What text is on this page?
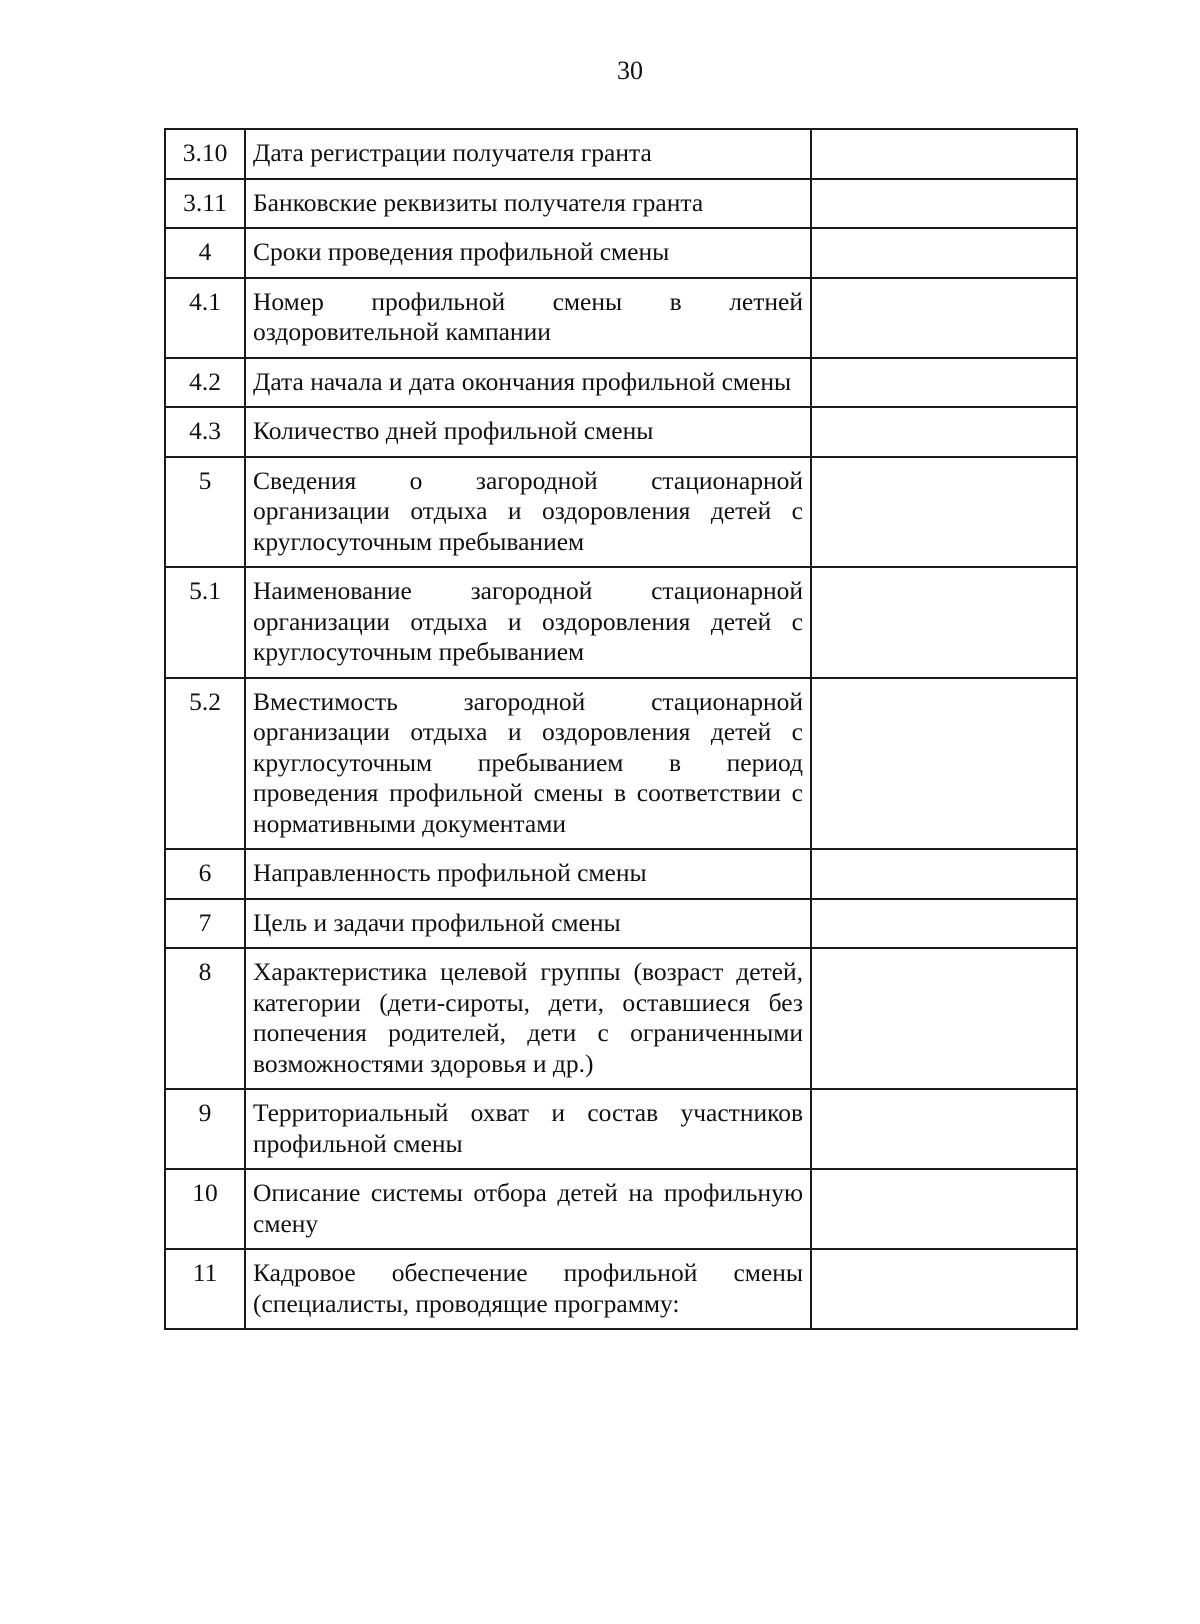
30
3.10	Дата регистрации получателя гранта	
3.11	Банковские реквизиты получателя гранта	
4	Сроки проведения профильной смены	
4.1	Номер профильной смены в летней оздоровительной кампании	
4.2	Дата начала и дата окончания профильной смены	
4.3	Количество дней профильной смены	
5	Сведения о загородной стационарной организации отдыха и оздоровления детей с круглосуточным пребыванием	
5.1	Наименование загородной стационарной организации отдыха и оздоровления детей с круглосуточным пребыванием	
5.2	Вместимость загородной стационарной организации отдыха и оздоровления детей с круглосуточным пребыванием в период проведения профильной смены в соответствии с нормативными документами	
6	Направленность профильной смены	
7	Цель и задачи профильной смены	
8	Характеристика целевой группы (возраст детей, категории (дети-сироты, дети, оставшиеся без попечения родителей, дети с ограниченными возможностями здоровья и др.)	
9	Территориальный охват и состав участников профильной смены	
10	Описание системы отбора детей на профильную смену	
11	Кадровое обеспечение профильной смены (специалисты, проводящие программу:	
